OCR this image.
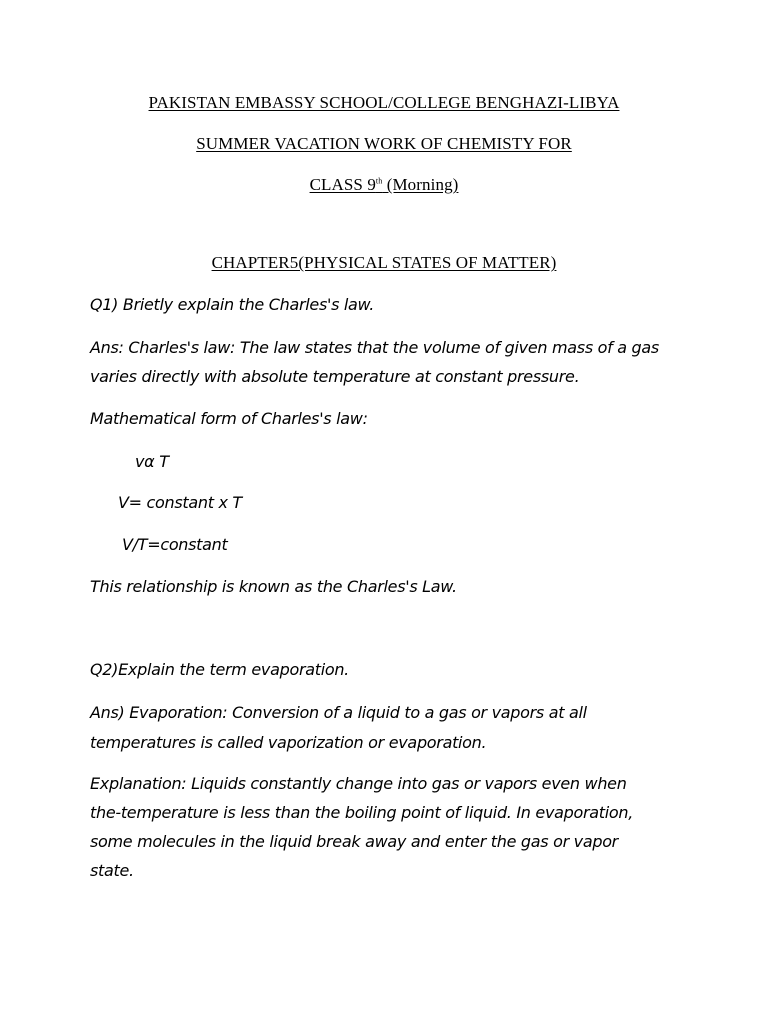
PAKISTAN EMBASSY SCHOOL/COLLEGE BENGHAZI-LIBYA
SUMMER VACATION WORK OF CHEMISTY FOR
CLASS 9th (Morning)
CHAPTER5(PHYSICAL STATES OF MATTER)
Q1) Brietly explain the Charles's law.
Ans: Charles's law: The law states that the volume of given mass of a gas
varies directly with absolute temperature at constant pressure.
Mathematical form of Charles's law:
vα T
V= constant x T
V/T=constant
This relationship is known as the Charles's Law.
Q2)Explain the term evaporation.
Ans) Evaporation: Conversion of a liquid to a gas or vapors at all
temperatures is called vaporization or evaporation.
Explanation: Liquids constantly change into gas or vapors even when
the-temperature is less than the boiling point of liquid. In evaporation,
some molecules in the liquid break away and enter the gas or vapor
state.
